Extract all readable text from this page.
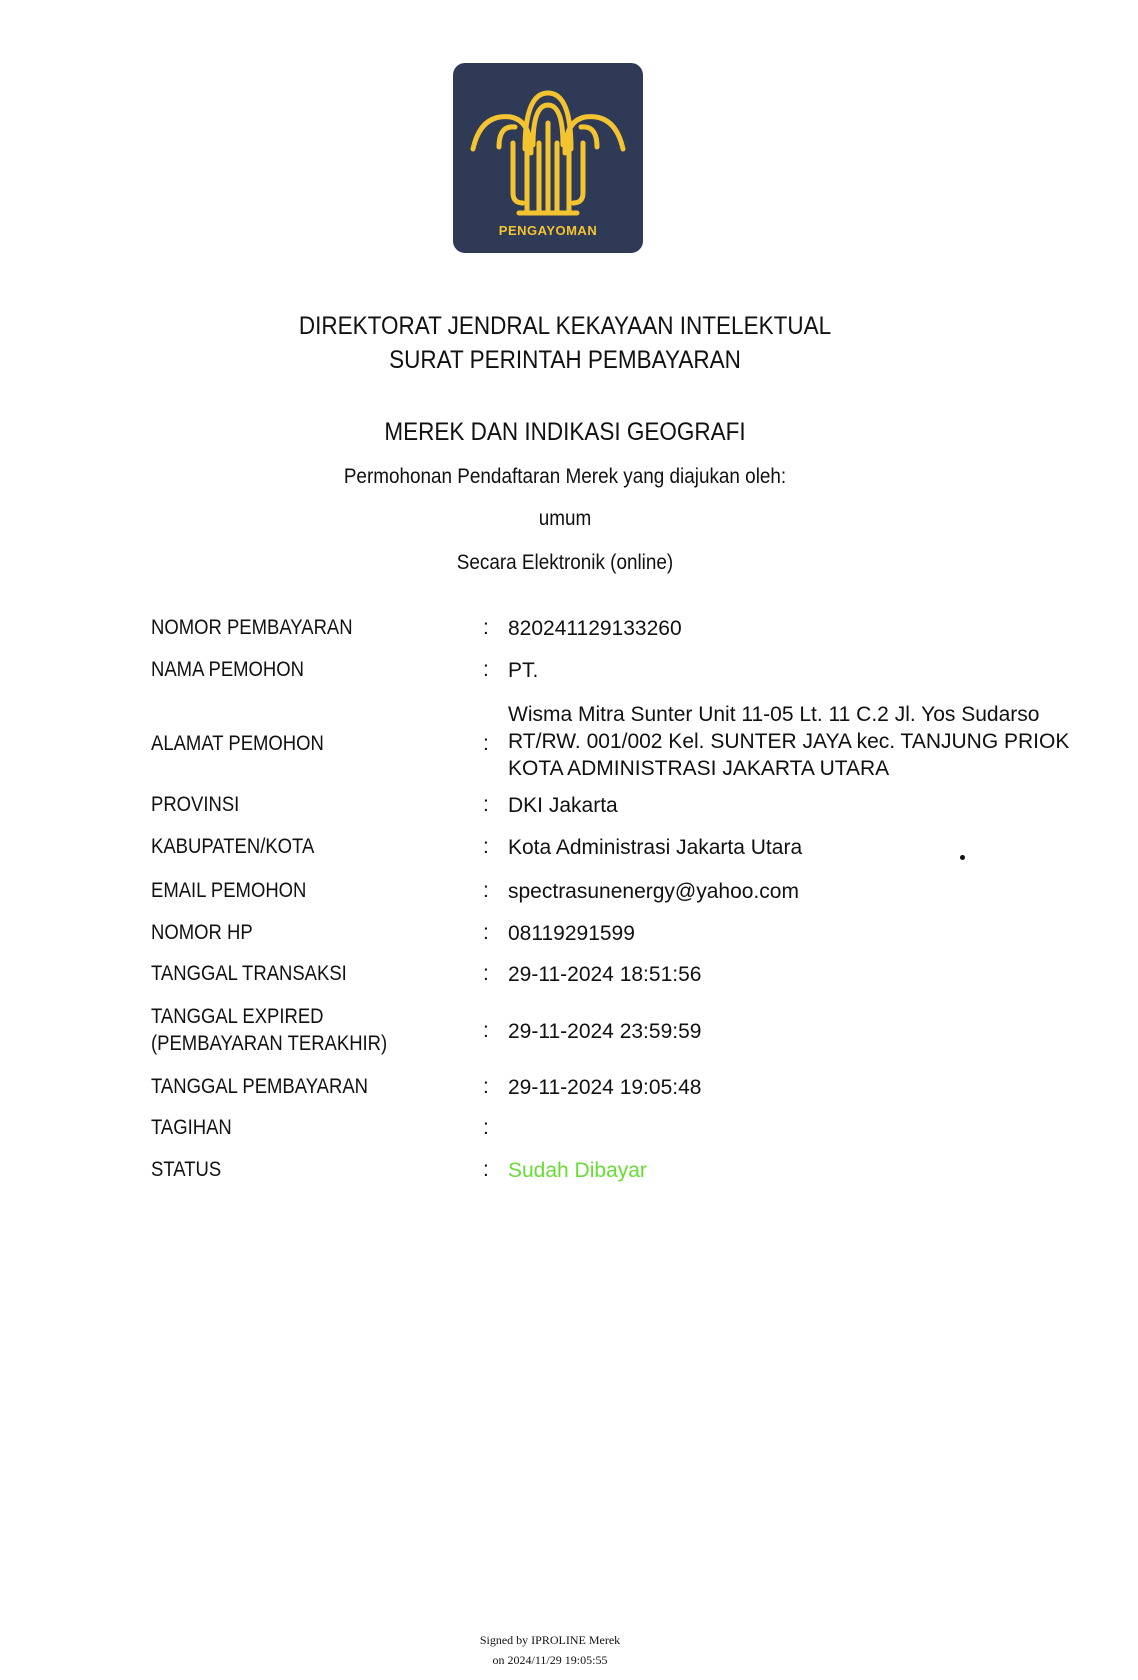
PENGAYOMAN
DIREKTORAT JENDRAL KEKAYAAN INTELEKTUAL
SURAT PERINTAH PEMBAYARAN
MEREK DAN INDIKASI GEOGRAFI
Permohonan Pendaftaran Merek yang diajukan oleh:
umum
Secara Elektronik (online)
NOMOR PEMBAYARAN	: 820241129133260
NAMA PEMOHON	: PT.
ALAMAT PEMOHON	:
Wisma Mitra Sunter Unit 11-05 Lt. 11 C.2 Jl. Yos Sudarso
RT/RW. 001/002 Kel. SUNTER JAYA kec. TANJUNG PRIOK
KOTA ADMINISTRASI JAKARTA UTARA
PROVINSI	: DKI Jakarta
KABUPATEN/KOTA	: Kota Administrasi Jakarta Utara
EMAIL PEMOHON	: spectrasunenergy@yahoo.com
NOMOR HP	: 08119291599
TANGGAL TRANSAKSI	: 29-11-2024 18:51:56
TANGGAL EXPIRED
(PEMBAYARAN TERAKHIR)
: 29-11-2024 23:59:59
TANGGAL PEMBAYARAN	: 29-11-2024 19:05:48
TAGIHAN	:
STATUS	: Sudah Dibayar
Signed by IPROLINE Merek
on 2024/11/29 19:05:55
